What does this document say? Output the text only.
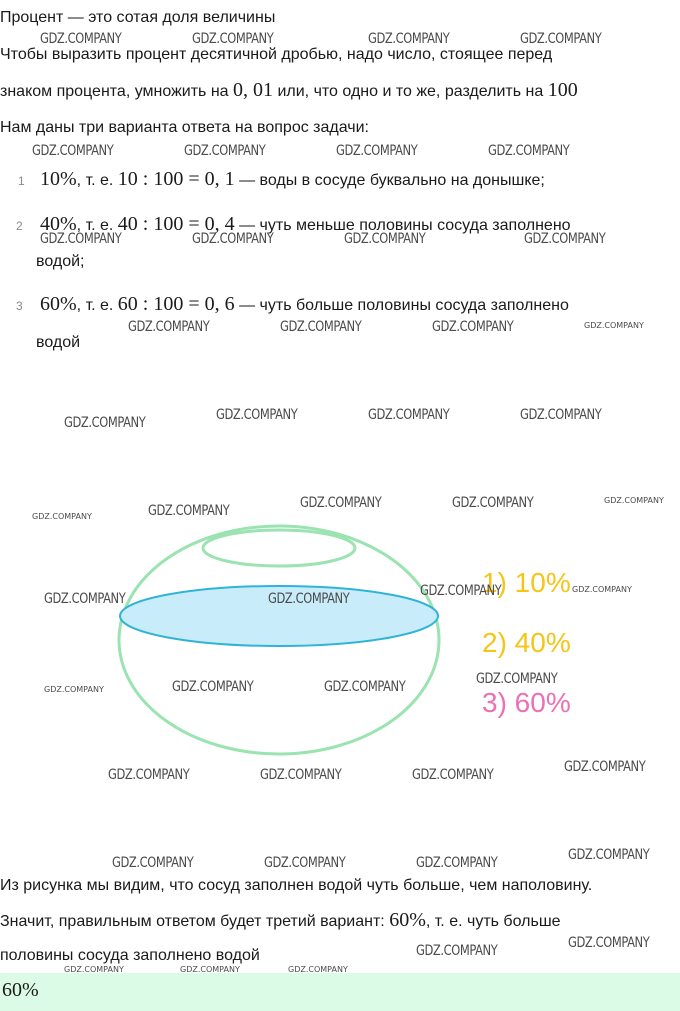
Процент — это сотая доля величины
Чтобы выразить процент десятичной дробью, надо число, стоящее перед
знаком процента, умножить на 0, 01 или, что одно и то же, разделить на 100
Нам даны три варианта ответа на вопрос задачи:
1 10%, т. е. 10 : 100 = 0, 1 — воды в сосуде буквально на донышке;
2 40%, т. е. 40 : 100 = 0, 4 — чуть меньше половины сосуда заполнено
водой;
3 60%, т. е. 60 : 100 = 0, 6 — чуть больше половины сосуда заполнено
водой
1) 10%
2) 40%
3) 60%
Из рисунка мы видим, что сосуд заполнен водой чуть больше, чем наполовину.
Значит, правильным ответом будет третий вариант: 60%, т. е. чуть больше
половины сосуда заполнено водой
60%
GDZ.COMPANY	GDZ.COMPANY	GDZ.COMPANY	GDZ.COMPANY
GDZ.COMPANY	GDZ.COMPANY	GDZ.COMPANY	GDZ.COMPANY
GDZ.COMPANY	GDZ.COMPANY	GDZ.COMPANY	GDZ.COMPANY
GDZ.COMPANY	GDZ.COMPANY	GDZ.COMPANY	GDZ.COMPANY
GDZ.COMPANY	GDZ.COMPANY	GDZ.COMPANY	GDZ.COMPANY
GDZ.COMPANY	GDZ.COMPANY	GDZ.COMPANY	GDZ.COMPANY	GDZ.COMPANY
GDZ.COMPANY	GDZ.COMPANY	GDZ.COMPANY	GDZ.COMPANY
GDZ.COMPANY	GDZ.COMPANY	GDZ.COMPANY	GDZ.COMPANY
GDZ.COMPANY	GDZ.COMPANY	GDZ.COMPANY	GDZ.COMPANY
GDZ.COMPANY	GDZ.COMPANY	GDZ.COMPANY	GDZ.COMPANY
GDZ.COMPANY	GDZ.COMPANY
GDZ.COMPANY	GDZ.COMPANY	GDZ.COMPANY
